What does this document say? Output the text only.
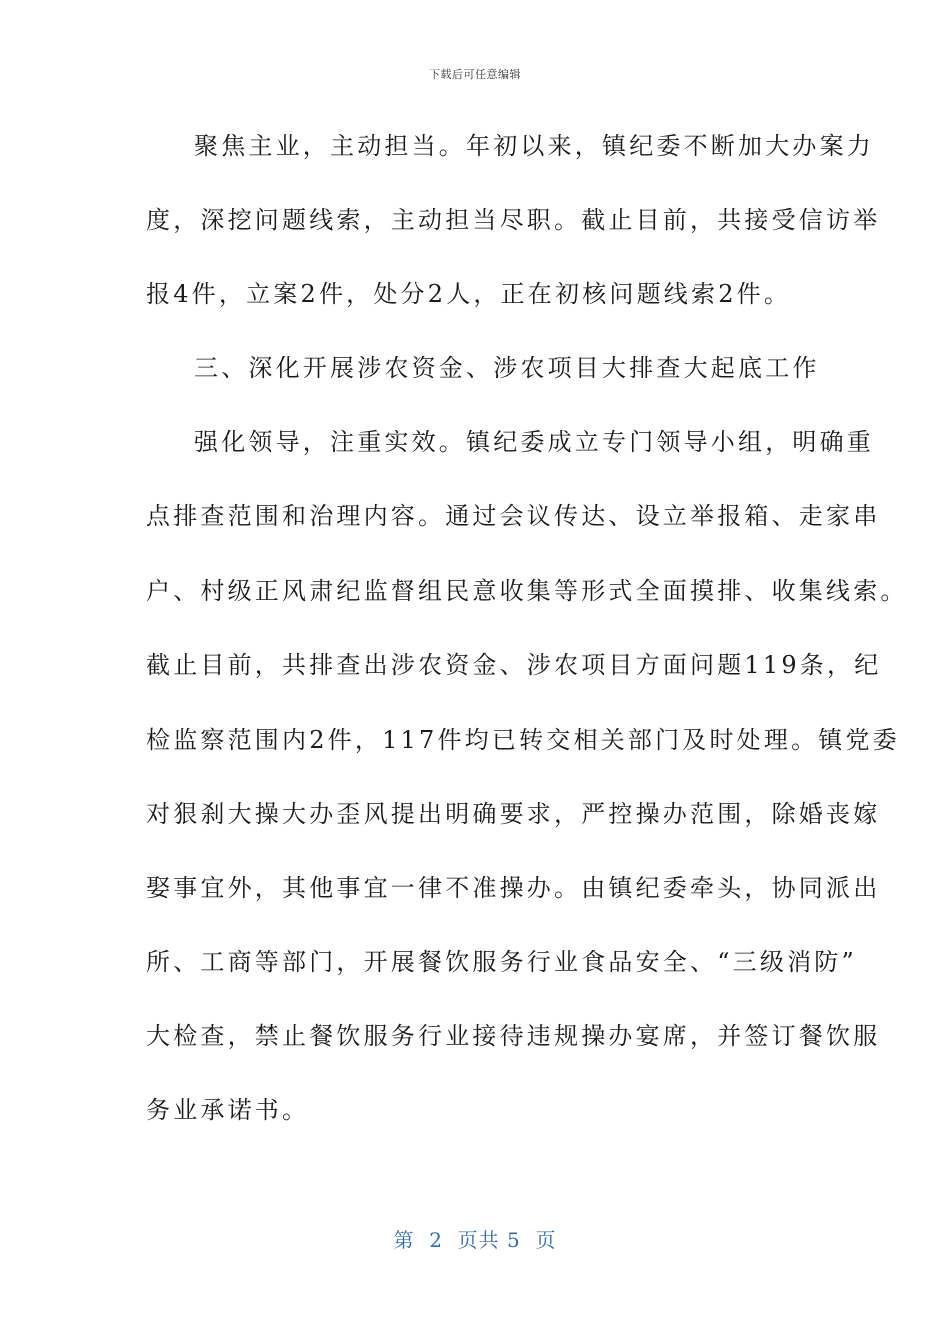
下载后可任意编辑
聚焦主业，主动担当。年初以来，镇纪委不断加大办案力
度，深挖问题线索，主动担当尽职。截止目前，共接受信访举
报4件，立案2件，处分2人，正在初核问题线索2件。
三、深化开展涉农资金、涉农项目大排查大起底工作
强化领导，注重实效。镇纪委成立专门领导小组，明确重
点排查范围和治理内容。通过会议传达、设立举报箱、走家串
户、村级正风肃纪监督组民意收集等形式全面摸排、收集线索。
截止目前，共排查出涉农资金、涉农项目方面问题119条，纪
检监察范围内2件，117件均已转交相关部门及时处理。镇党委
对狠刹大操大办歪风提出明确要求，严控操办范围，除婚丧嫁
娶事宜外，其他事宜一律不准操办。由镇纪委牵头，协同派出
所、工商等部门，开展餐饮服务行业食品安全、“三级消防”
大检查，禁止餐饮服务行业接待违规操办宴席，并签订餐饮服
务业承诺书。
第  2  页共 5  页
